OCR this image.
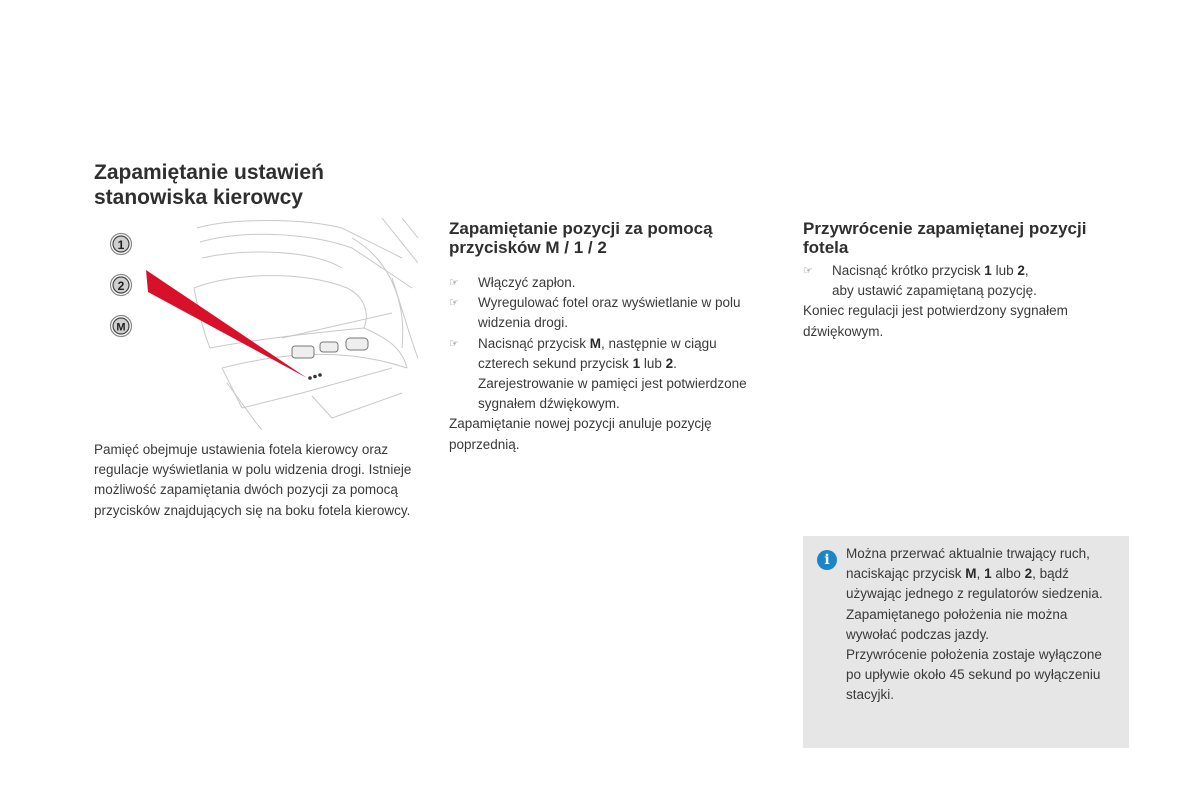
Zapamiętanie ustawień stanowiska kierowcy
1
2
M
Pamięć obejmuje ustawienia fotela kierowcy oraz regulacje wyświetlania w polu widzenia drogi. Istnieje możliwość zapamiętania dwóch pozycji za pomocą przycisków znajdujących się na boku fotela kierowcy.
Zapamiętanie pozycji za pomocą przycisków M / 1 / 2
☞	Włączyć zapłon.
☞	Wyregulować fotel oraz wyświetlanie w polu widzenia drogi.
☞	Nacisnąć przycisk M, następnie w ciągu czterech sekund przycisk 1 lub 2.
Zarejestrowanie w pamięci jest potwierdzone sygnałem dźwiękowym.
Zapamiętanie nowej pozycji anuluje pozycję poprzednią.
Przywrócenie zapamiętanej pozycji fotela
☞	Nacisnąć krótko przycisk 1 lub 2,
aby ustawić zapamiętaną pozycję.
Koniec regulacji jest potwierdzony sygnałem dźwiękowym.
i	Można przerwać aktualnie trwający ruch, naciskając przycisk M, 1 albo 2, bądź używając jednego z regulatorów siedzenia.

Zapamiętanego położenia nie można wywołać podczas jazdy.

Przywrócenie położenia zostaje wyłączone po upływie około 45 sekund po wyłączeniu stacyjki.
